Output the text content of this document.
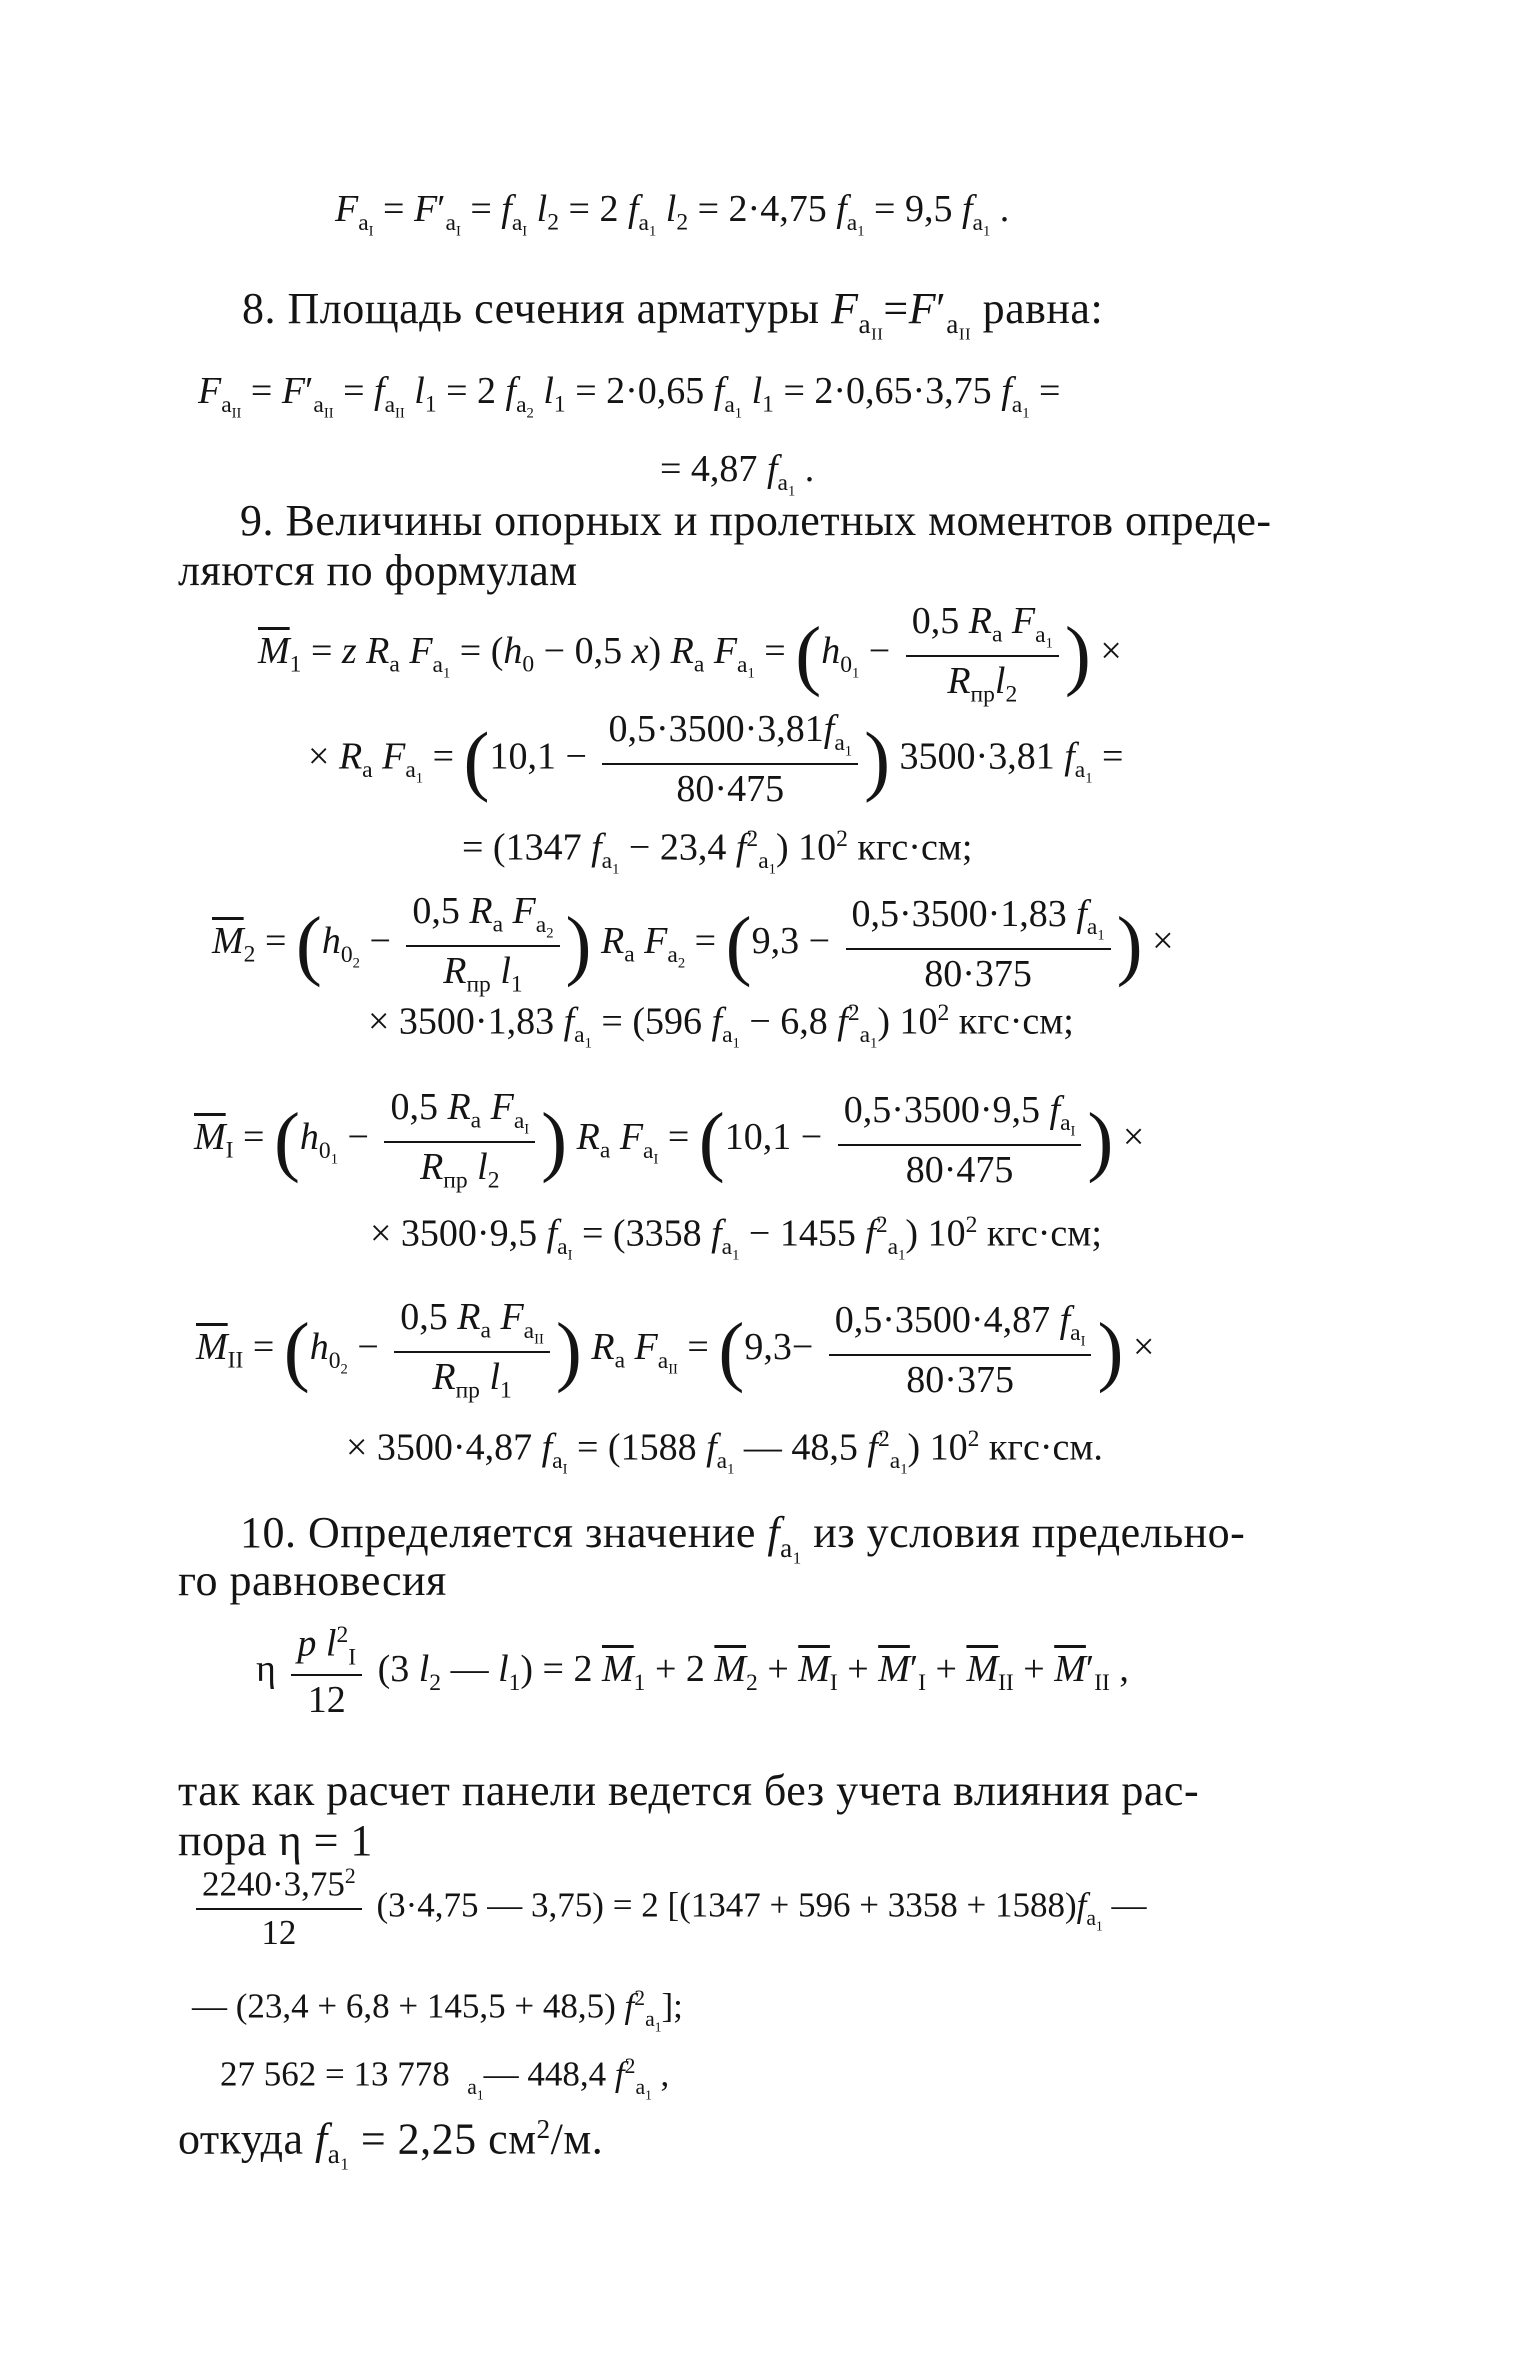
$F_{a_I} = F'_{a_I} = f_{a_I}$ $l_2 = 2$ $f_{a_1}$ $l_2 = 2\cdot 4,75$ $f_{a_1} = 9,5$ $f_{a_1}$ .
8. Площадь сечения арматуры $F_{a_{II}}=F'_{a_{II}}$ равна:
$F_{a_{II}} = F'_{a_{II}} = f_{a_{II}}$ $l_1 = 2$ $f_{a_2}$ $l_1 = 2\cdot 0,65$ $f_{a_1}$ $l_1 = 2\cdot 0,65\cdot 3,75$ $f_{a_1}$ =
= 4,87 $f_{a_1}$ .
9. Величины опорных и пролетных моментов опреде-
ляются по формулам
$\overline{M}_1 = z$ $R_a$ $F_{a_1} = (h_0 - 0,5$ x) $R_a$ $F_{a_1} = (h_{0_1}$ −
0,5 $R_a$ $F_{a_1}$
$R_{пр}l_2$ ) ×
× $R_a$ $F_{a_1} = (10,1 - \frac{0,5\cdot 3500\cdot 3,81f_{a_1}}{80\cdot 475}$ ) 3500·3,81 $f_{a_1}$ =
= (1347 $f_{a_1} - 23,4$ $f^2_{a_1}$) $10^2$ кгс·см;
$\overline{M}_2 = (h_{0_2}$ −
0,5 $R_a$ $F_{a_2}$
$R_{пр}$ $l_1$ ) $R_a$ $F_{a_2} = (9,3 - \frac{0,5\cdot 3500\cdot 1,83 f_{a_1}}{80\cdot 375}$ ) ×
× 3500·1,83 $f_{a_1} = (596$ $f_{a_1} - 6,8$ $f^2_{a_1}$) $10^2$ кгс·см;
$\overline{M}_I = (h_{0_1}$ −
0,5 $R_a$ $F_{a_I}$
$R_{пр}$ $l_2$ ) $R_a$ $F_{a_I} = (10,1$ −
0,5·3500·9,5 $f_{a_I}$
80·475 ) ×
× 3500·9,5 $f_{a_I} = (3358$ $f_{a_1} - 1455$ $f^2_{a_1}$) $10^2$ кгс·см;
$\overline{M}_{II} = (h_{0_2}$ −
0,5 $R_a$ $F_{a_{II}}$
$R_{пр}$ $l_1$ ) $R_a$ $F_{a_{II}} = (9,3-$
0,5·3500·4,87 $f_{a_I}$
80·375	) ×
× 3500·4,87 $f_{a_I} = (1588$ $f_{a_1}$ — 48,5 $f^2_{a_1}$) $10^2$ кгс·см.
10. Определяется значение $f_{a_1}$ из условия предельно-
го равновесия
η $\frac{p l^2_I}{12} (3$ $l_2$ — $l_1) = 2$ $\overline{M}_1 + 2$ $\overline{M}_2 + \overline{M}_I + \overline{M}'_I + \overline{M}_{II} + \overline{M}'_{II}$ ,
так как расчет панели ведется без учета влияния рас-
пора η = 1
$\frac{2240\cdot 3,75^2}{12} (3\cdot 4,75$ — 3,75) = 2 [$(1347 + 596 + 3358 + 1588)f_{a_1}$ —
— (23,4 + 6,8 + 145,5 + 48,5) $f^2_{a_1}$];
27 562 = 13 778  $_{a_1}$— 448,4 $f^2_{a_1}$ ,
откуда $f_{a_1} = 2,25$ $см^2/м$.
